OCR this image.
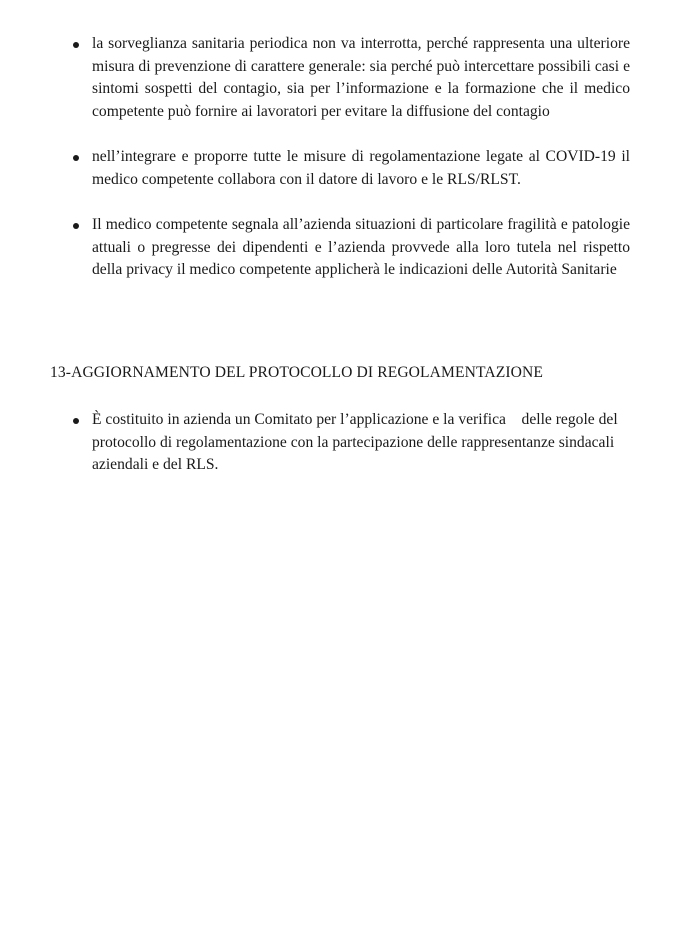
la sorveglianza sanitaria periodica non va interrotta, perché rappresenta una ulteriore misura di prevenzione di carattere generale: sia perché può intercettare possibili casi e sintomi sospetti del contagio, sia per l’informazione e la formazione che il medico competente può fornire ai lavoratori per evitare la diffusione del contagio
nell’integrare e proporre tutte le misure di regolamentazione legate al COVID-19 il medico competente collabora con il datore di lavoro e le RLS/RLST.
Il medico competente segnala all’azienda situazioni di particolare fragilità e patologie attuali o pregresse dei dipendenti e l’azienda provvede alla loro tutela nel rispetto della privacy il medico competente applicherà le indicazioni delle Autorità Sanitarie
13-AGGIORNAMENTO DEL PROTOCOLLO DI REGOLAMENTAZIONE
È costituito in azienda un Comitato per l’applicazione e la verifica    delle regole del protocollo di regolamentazione con la partecipazione delle rappresentanze sindacali aziendali e del RLS.
